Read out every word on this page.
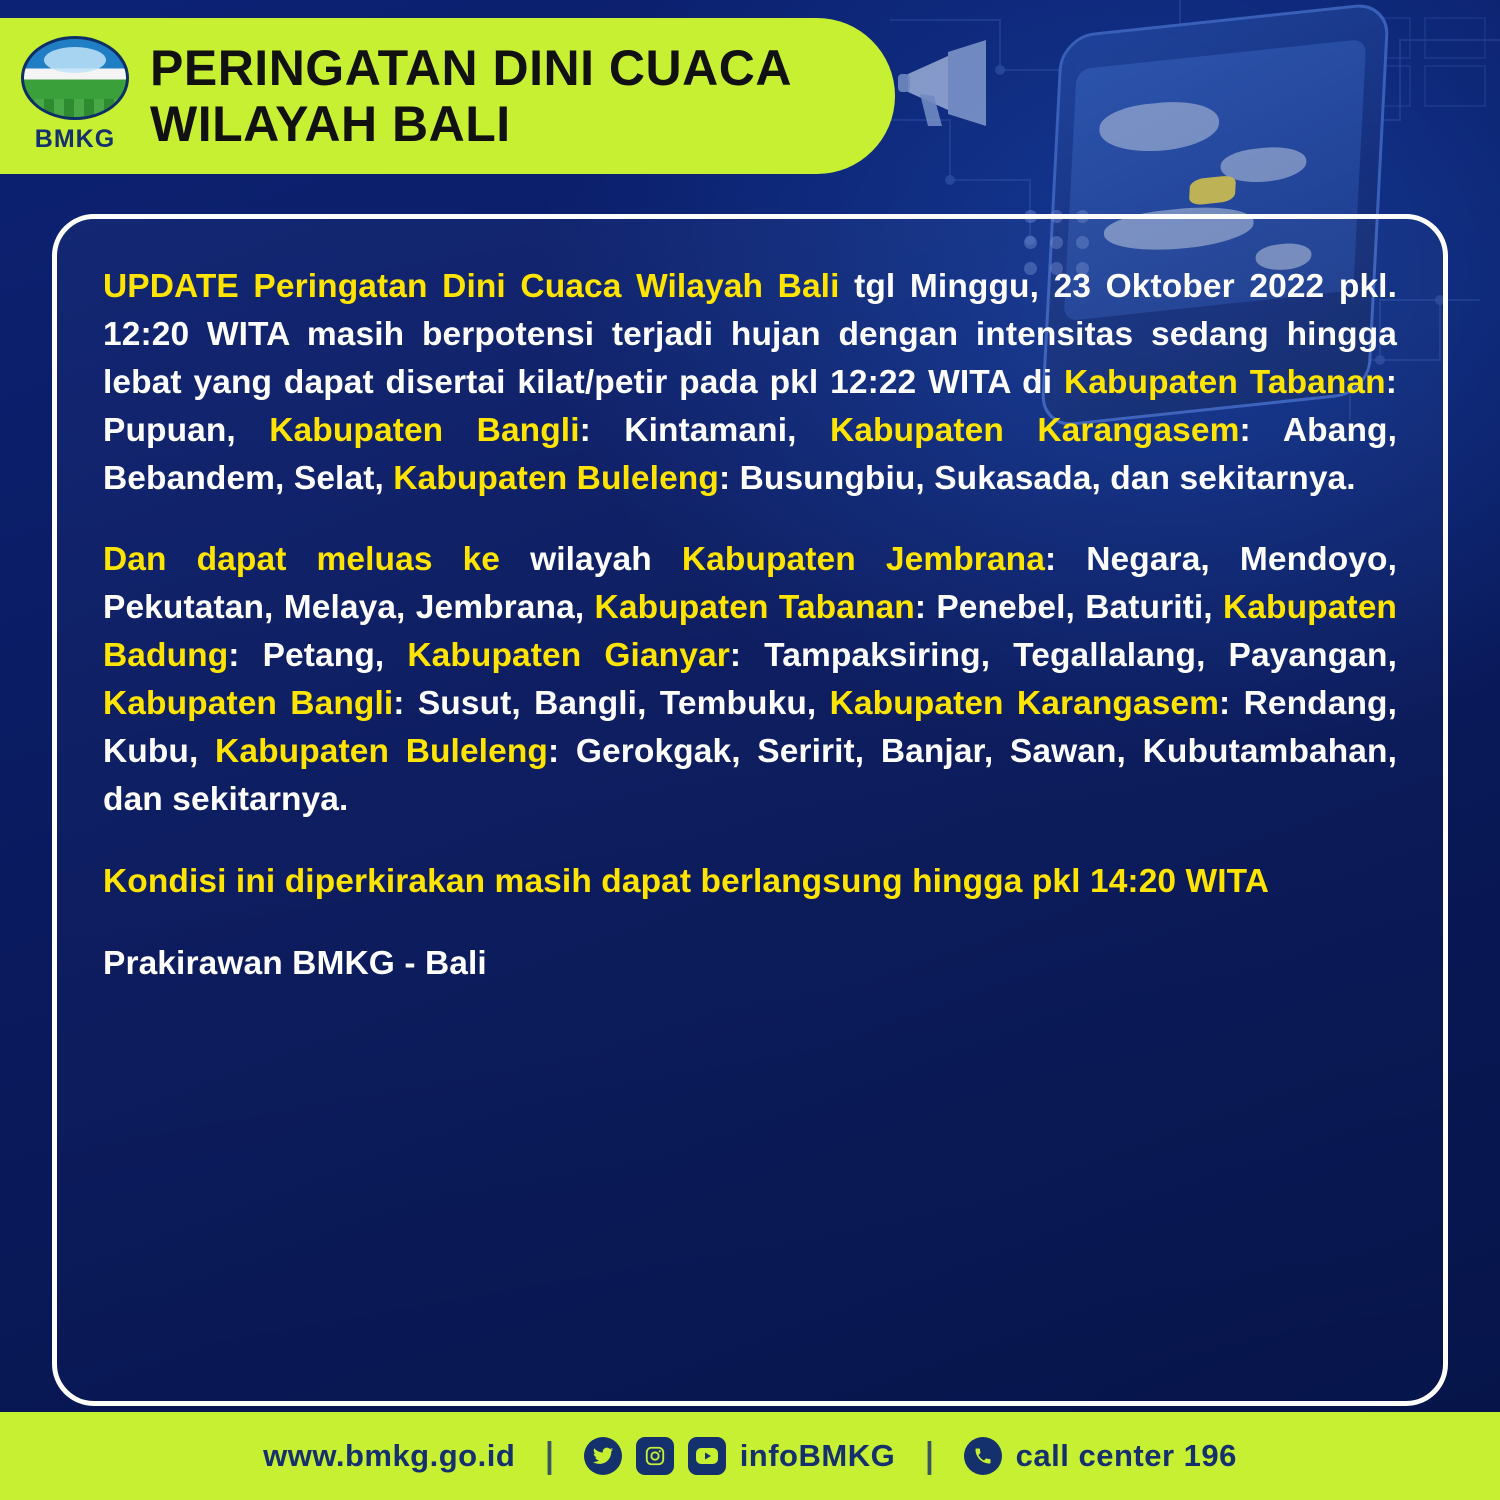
BMKG
PERINGATAN DINI CUACA
WILAYAH BALI

UPDATE Peringatan Dini Cuaca Wilayah Bali tgl Minggu, 23 Oktober 2022 pkl. 12:20 WITA masih berpotensi terjadi hujan dengan intensitas sedang hingga lebat yang dapat disertai kilat/petir pada pkl 12:22 WITA di Kabupaten Tabanan: Pupuan, Kabupaten Bangli: Kintamani, Kabupaten Karangasem: Abang, Bebandem, Selat, Kabupaten Buleleng: Busungbiu, Sukasada, dan sekitarnya.

Dan dapat meluas ke wilayah Kabupaten Jembrana: Negara, Mendoyo, Pekutatan, Melaya, Jembrana, Kabupaten Tabanan: Penebel, Baturiti, Kabupaten Badung: Petang, Kabupaten Gianyar: Tampaksiring, Tegallalang, Payangan, Kabupaten Bangli: Susut, Bangli, Tembuku, Kabupaten Karangasem: Rendang, Kubu, Kabupaten Buleleng: Gerokgak, Seririt, Banjar, Sawan, Kubutambahan, dan sekitarnya.

Kondisi ini diperkirakan masih dapat berlangsung hingga pkl 14:20 WITA

Prakirawan BMKG - Bali

www.bmkg.go.id |	infoBMKG |	call center 196
